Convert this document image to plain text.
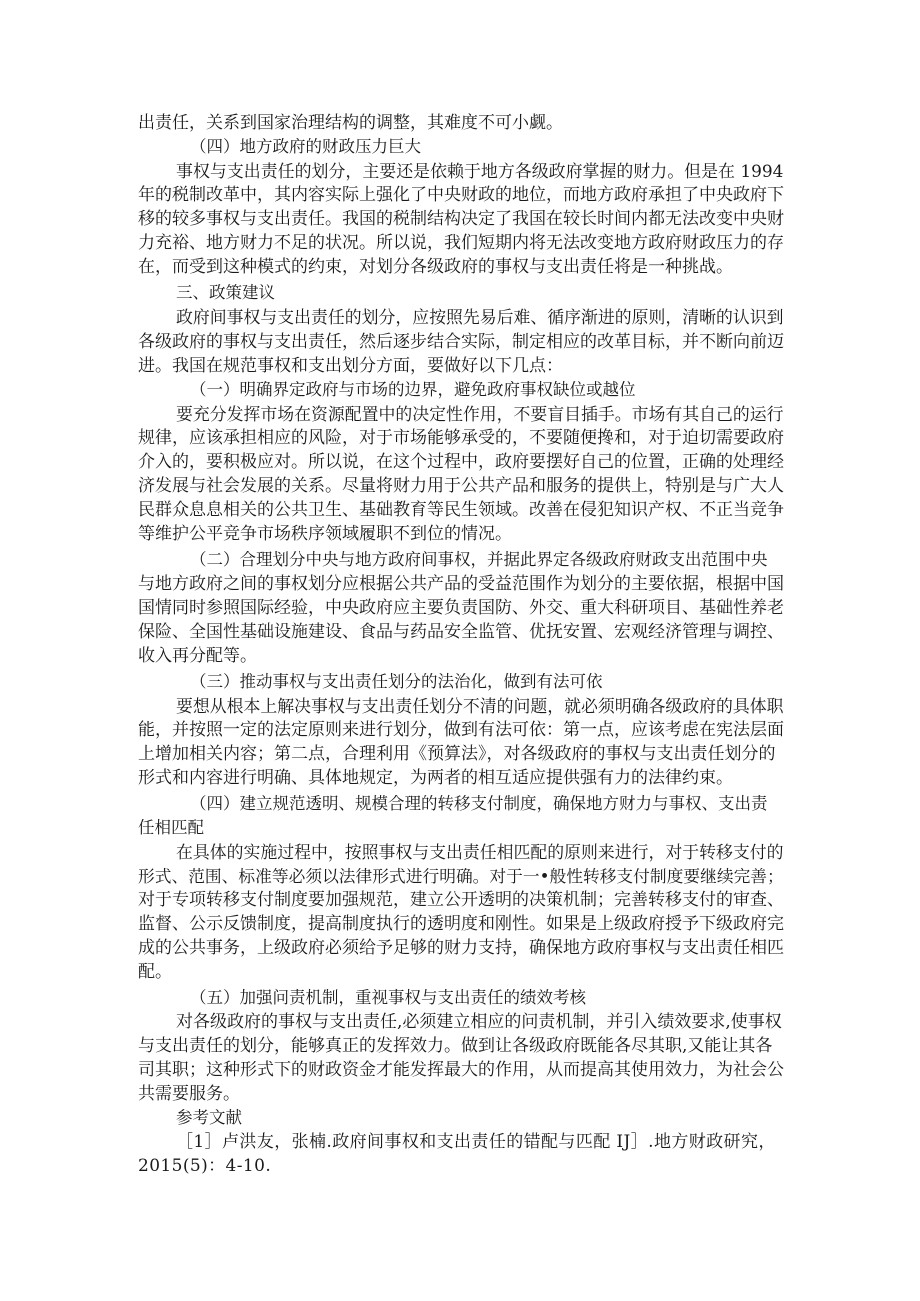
出责任，关系到国家治理结构的调整，其难度不可小觑。
（四）地方政府的财政压力巨大
事权与支出责任的划分，主要还是依赖于地方各级政府掌握的财力。但是在 1994
年的税制改革中，其内容实际上强化了中央财政的地位，而地方政府承担了中央政府下
移的较多事权与支出责任。我国的税制结构决定了我国在较长时间内都无法改变中央财
力充裕、地方财力不足的状况。所以说，我们短期内将无法改变地方政府财政压力的存
在，而受到这种模式的约束，对划分各级政府的事权与支出责任将是一种挑战。
三、政策建议
政府间事权与支出责任的划分，应按照先易后难、循序渐进的原则，清晰的认识到
各级政府的事权与支出责任，然后逐步结合实际，制定相应的改革目标，并不断向前迈
进。我国在规范事权和支出划分方面，要做好以下几点：
（一）明确界定政府与市场的边界，避免政府事权缺位或越位
要充分发挥市场在资源配置中的决定性作用，不要盲目插手。市场有其自己的运行
规律，应该承担相应的风险，对于市场能够承受的，不要随便搀和，对于迫切需要政府
介入的，要积极应对。所以说，在这个过程中，政府要摆好自己的位置，正确的处理经
济发展与社会发展的关系。尽量将财力用于公共产品和服务的提供上，特别是与广大人
民群众息息相关的公共卫生、基础教育等民生领域。改善在侵犯知识产权、不正当竞争
等维护公平竞争市场秩序领域履职不到位的情况。
（二）合理划分中央与地方政府间事权，并据此界定各级政府财政支出范围中央
与地方政府之间的事权划分应根据公共产品的受益范围作为划分的主要依据，根据中国
国情同时参照国际经验，中央政府应主要负责国防、外交、重大科研项目、基础性养老
保险、全国性基础设施建设、食品与药品安全监管、优抚安置、宏观经济管理与调控、
收入再分配等。
（三）推动事权与支出责任划分的法治化，做到有法可依
要想从根本上解决事权与支出责任划分不清的问题，就必须明确各级政府的具体职
能，并按照一定的法定原则来进行划分，做到有法可依：第一点，应该考虑在宪法层面
上增加相关内容；第二点，合理利用《预算法》，对各级政府的事权与支出责任划分的
形式和内容进行明确、具体地规定，为两者的相互适应提供强有力的法律约束。
（四）建立规范透明、规模合理的转移支付制度，确保地方财力与事权、支出责
任相匹配
在具体的实施过程中，按照事权与支出责任相匹配的原则来进行，对于转移支付的
形式、范围、标准等必须以法律形式进行明确。对于一•般性转移支付制度要继续完善；
对于专项转移支付制度要加强规范，建立公开透明的决策机制；完善转移支付的审查、
监督、公示反馈制度，提高制度执行的透明度和刚性。如果是上级政府授予下级政府完
成的公共事务，上级政府必须给予足够的财力支持，确保地方政府事权与支出责任相匹
配。
（五）加强问责机制，重视事权与支出责任的绩效考核
对各级政府的事权与支出责任,必须建立相应的问责机制，并引入绩效要求,使事权
与支出责任的划分，能够真正的发挥效力。做到让各级政府既能各尽其职,又能让其各
司其职；这种形式下的财政资金才能发挥最大的作用，从而提高其使用效力，为社会公
共需要服务。
参考文献
［1］卢洪友，张楠.政府间事权和支出责任的错配与匹配 IJ］.地方财政研究，
2015(5)：4-10.
